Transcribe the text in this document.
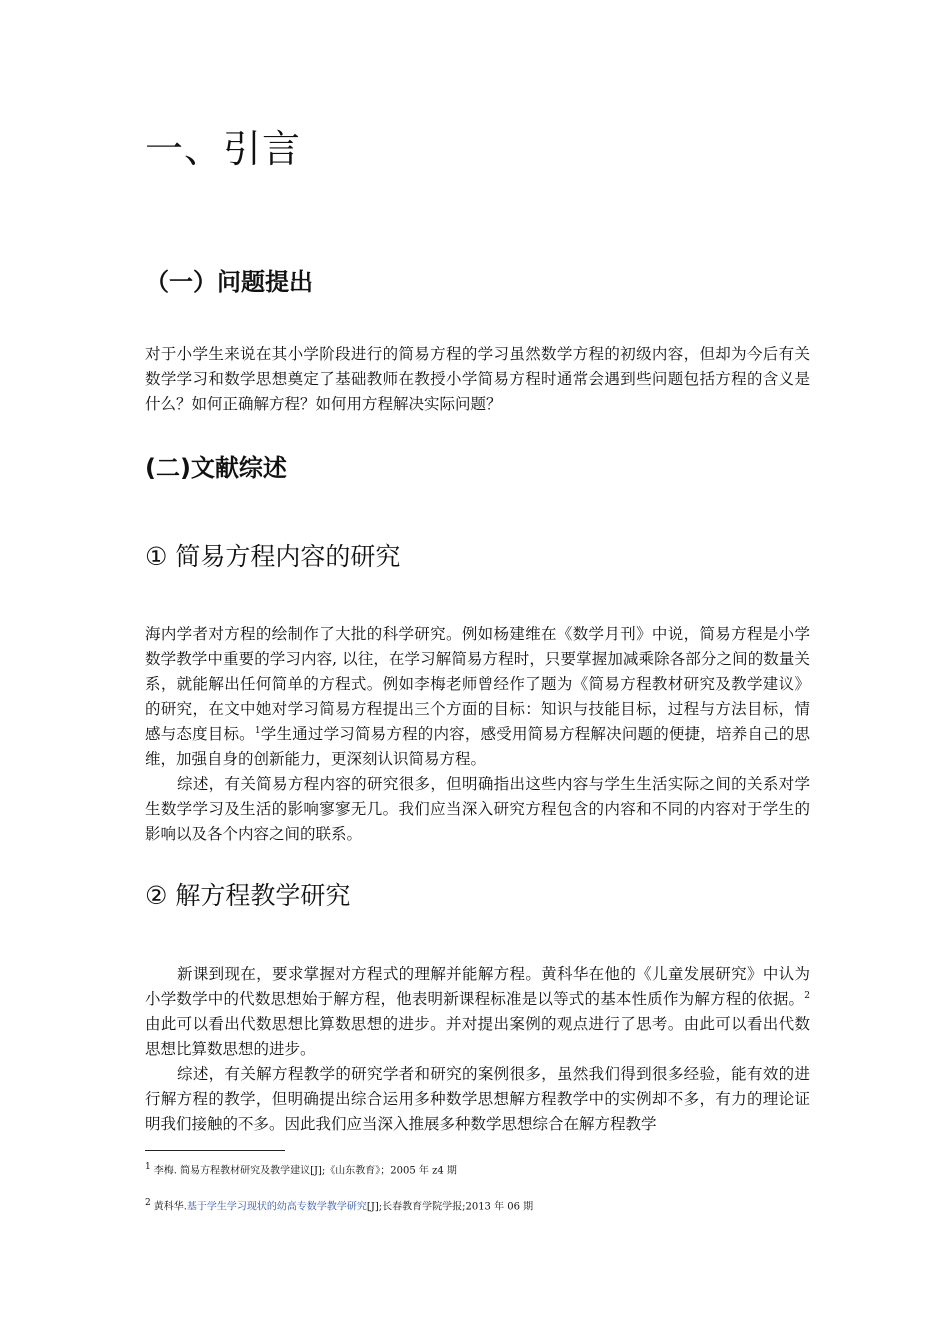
一、引言
（一）问题提出

对于小学生来说在其小学阶段进行的简易方程的学习虽然数学方程的初级内容，但却为今后有关数学学习和数学思想奠定了基础教师在教授小学简易方程时通常会遇到些问题包括方程的含义是什么？如何正确解方程？如何用方程解决实际问题？

(二)文献综述
① 简易方程内容的研究

海内学者对方程的绘制作了大批的科学研究。例如杨建维在《数学月刊》中说，简易方程是小学数学教学中重要的学习内容, 以往，在学习解简易方程时，只要掌握加减乘除各部分之间的数量关系，就能解出任何简单的方程式。例如李梅老师曾经作了题为《简易方程教材研究及教学建议》的研究，在文中她对学习简易方程提出三个方面的目标：知识与技能目标，过程与方法目标，情感与态度目标。$^1$学生通过学习简易方程的内容，感受用简易方程解决问题的便捷，培养自己的思维，加强自身的创新能力，更深刻认识简易方程。

综述，有关简易方程内容的研究很多，但明确指出这些内容与学生生活实际之间的关系对学生数学学习及生活的影响寥寥无几。我们应当深入研究方程包含的内容和不同的内容对于学生的影响以及各个内容之间的联系。

② 解方程教学研究

新课到现在，要求掌握对方程式的理解并能解方程。黄科华在他的《儿童发展研究》中认为小学数学中的代数思想始于解方程，他表明新课程标准是以等式的基本性质作为解方程的依据。$^2$由此可以看出代数思想比算数思想的进步。并对提出案例的观点进行了思考。由此可以看出代数思想比算数思想的进步。

综述，有关解方程教学的研究学者和研究的案例很多，虽然我们得到很多经验，能有效的进行解方程的教学，但明确提出综合运用多种数学思想解方程教学中的实例却不多，有力的理论证明我们接触的不多。因此我们应当深入推展多种数学思想综合在解方程教学

1 李梅. 简易方程教材研究及教学建议[J];《山东教育》；2005 年 z4 期
2 黄科华.基于学生学习现状的幼高专数学教学研究[J];长春教育学院学报;2013 年 06 期
